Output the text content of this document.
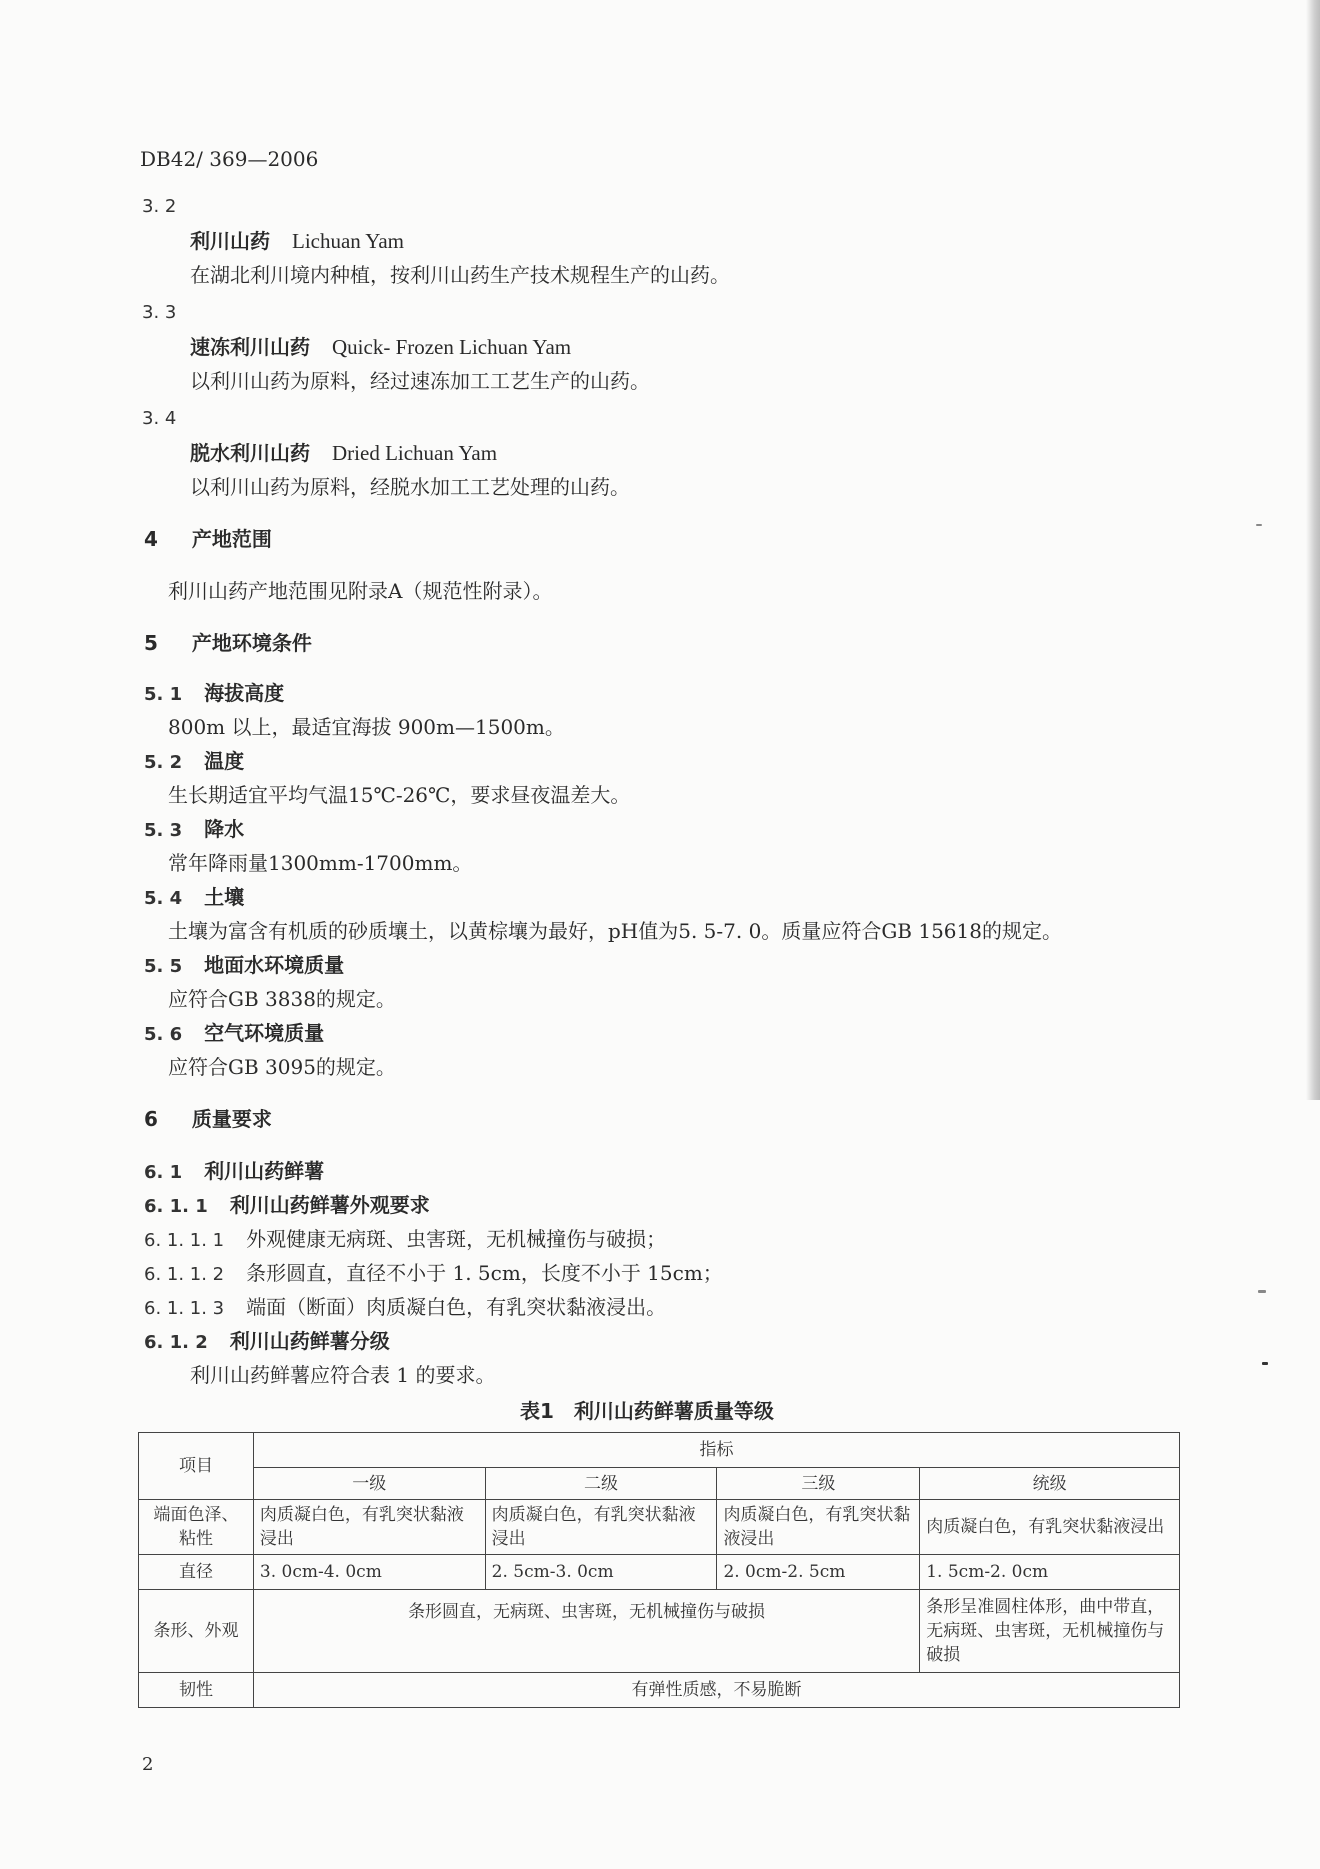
DB42/ 369—2006
3. 2
利川山药 Lichuan Yam
在湖北利川境内种植，按利川山药生产技术规程生产的山药。
3. 3
速冻利川山药 Quick- Frozen Lichuan Yam
以利川山药为原料，经过速冻加工工艺生产的山药。
3. 4
脱水利川山药 Dried Lichuan Yam
以利川山药为原料，经脱水加工工艺处理的山药。
4 产地范围
利川山药产地范围见附录A（规范性附录）。
5 产地环境条件
5. 1 海拔高度
800m 以上，最适宜海拔 900m—1500m。
5. 2 温度
生长期适宜平均气温15℃-26℃，要求昼夜温差大。
5. 3 降水
常年降雨量1300mm-1700mm。
5. 4 土壤
土壤为富含有机质的砂质壤土，以黄棕壤为最好，pH值为5. 5-7. 0。质量应符合GB 15618的规定。
5. 5 地面水环境质量
应符合GB 3838的规定。
5. 6 空气环境质量
应符合GB 3095的规定。
6 质量要求
6. 1 利川山药鲜薯
6. 1. 1 利川山药鲜薯外观要求
6. 1. 1. 1 外观健康无病斑、虫害斑，无机械撞伤与破损；
6. 1. 1. 2 条形圆直，直径不小于 1. 5cm，长度不小于 15cm；
6. 1. 1. 3 端面（断面）肉质凝白色，有乳突状黏液浸出。
6. 1. 2 利川山药鲜薯分级
利川山药鲜薯应符合表 1 的要求。
表1　利川山药鲜薯质量等级
项目	指标			
	一级	二级	三级	统级
端面色泽、粘性	肉质凝白色，有乳突状黏液浸出	肉质凝白色，有乳突状黏液浸出	肉质凝白色，有乳突状黏液浸出	肉质凝白色，有乳突状黏液浸出
直径	3. 0cm-4. 0cm	2. 5cm-3. 0cm	2. 0cm-2. 5cm	1. 5cm-2. 0cm
条形、外观	条形圆直，无病斑、虫害斑，无机械撞伤与破损			条形呈准圆柱体形，曲中带直，无病斑、虫害斑，无机械撞伤与破损
韧性	有弹性质感，不易脆断			
2
